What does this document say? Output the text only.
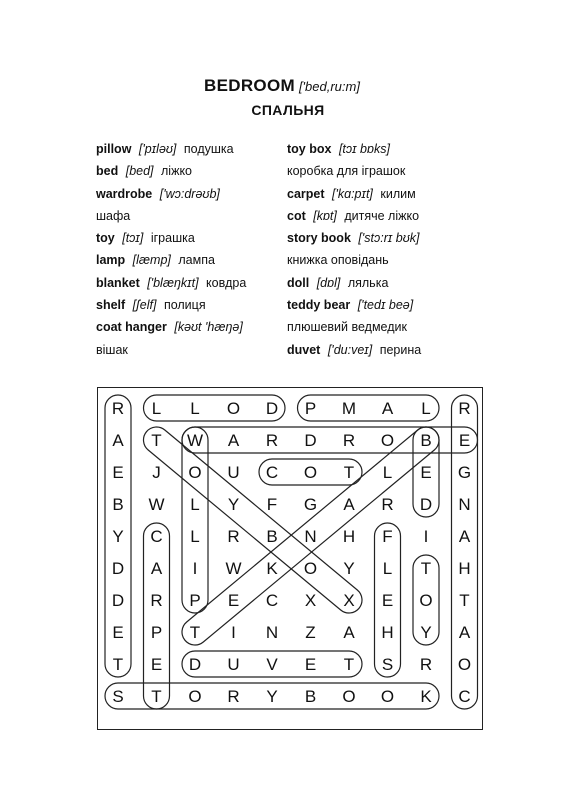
BEDROOM ['bed,ru:m]
СПАЛЬНЯ
pillow ['pɪləʊ] подушка
bed [bed] ліжко
wardrobe ['wɔ:drəʊb]
шафа
toy [tɔɪ] іграшка
lamp [læmp] лампа
blanket ['blæŋkɪt] ковдра
shelf [ʃelf] полиця
coat hanger [kəʊt 'hæŋə]
вішак
toy box [tɔɪ bɒks]
коробка для іграшок
carpet ['kɑ:pɪt] килим
cot [kɒt] дитяче ліжко
story book ['stɔ:rɪ bʊk]
книжка оповідань
doll [dɒl] лялька
teddy bear ['tedɪ beə]
плюшевий ведмедик
duvet ['du:veɪ] перина
R L L O D P M A L R
A T W A R D R O B E
E J O U C O T L E G
B W L Y F G A R D N
Y C L R B N H F I A
D A I W K O Y L T H
D R P E C X X E O T
E P T I N Z A H Y A
T E D U V E T S R O
S T O R Y B O O K C
